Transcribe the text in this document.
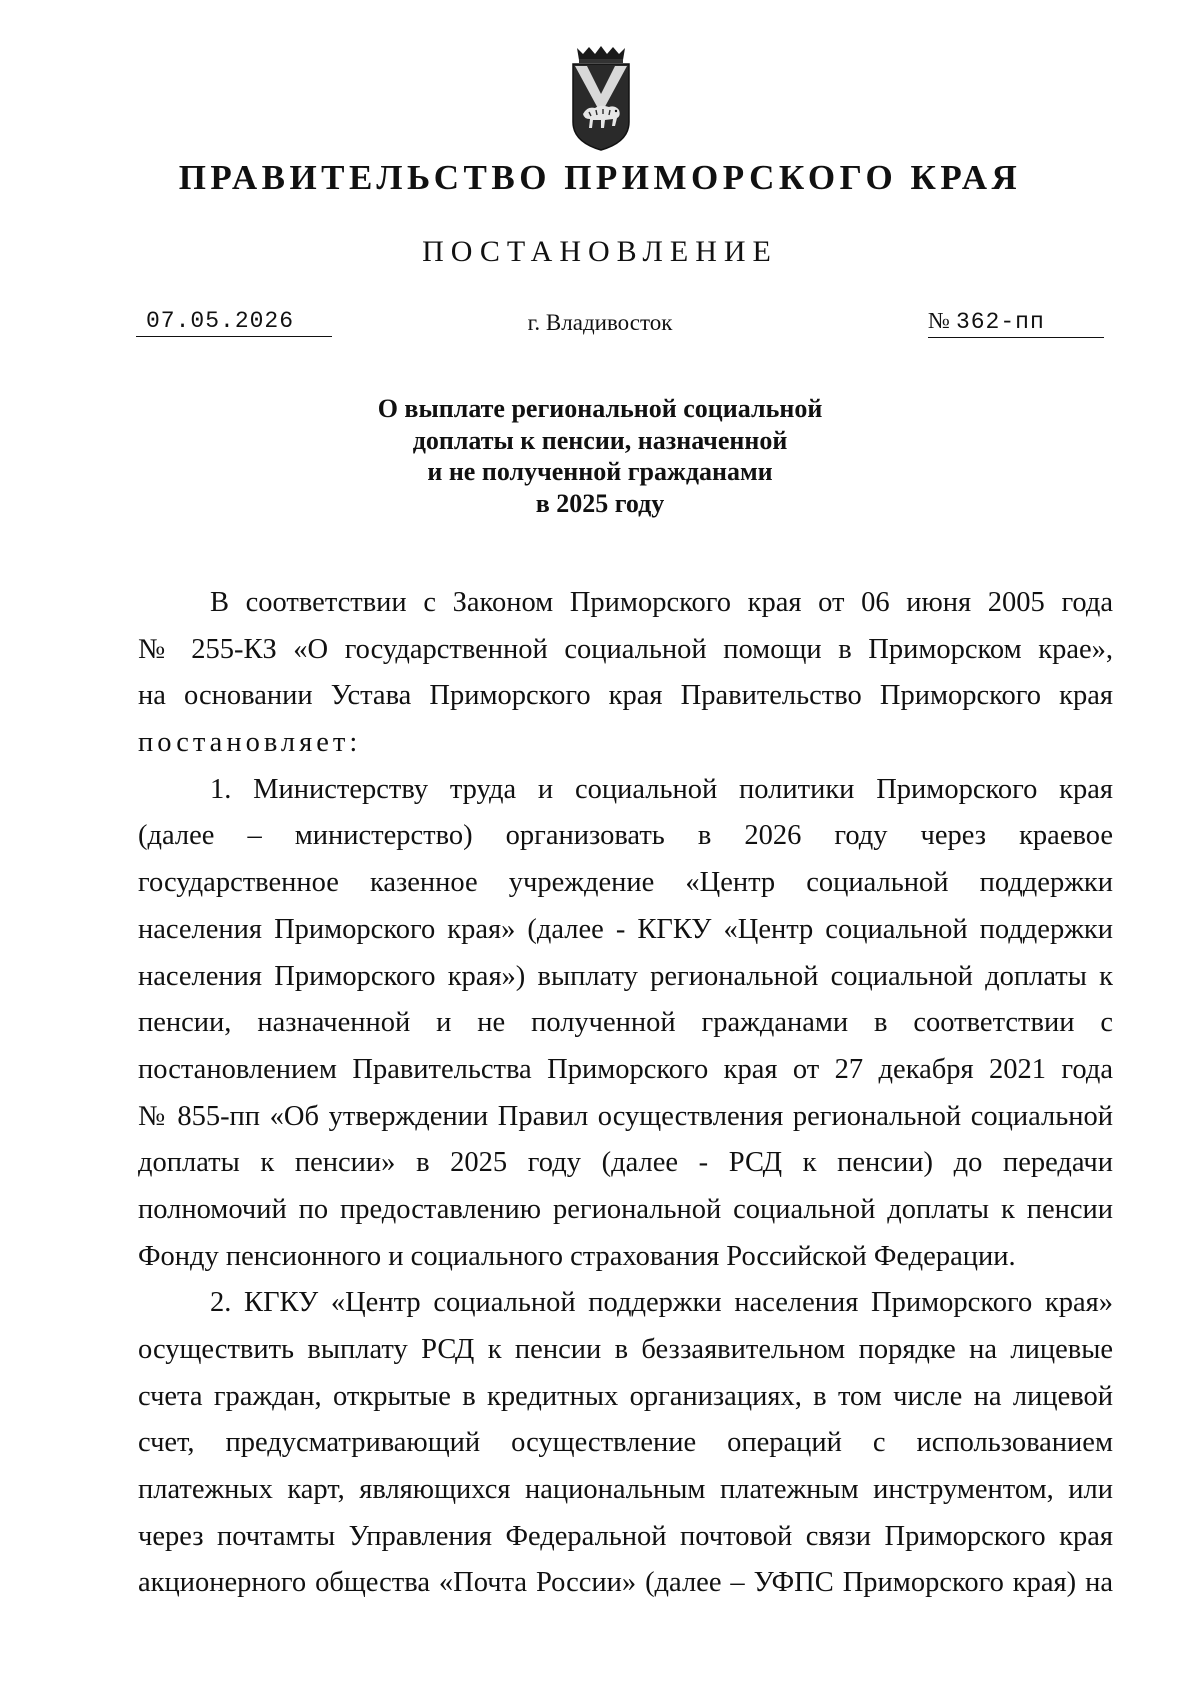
ПРАВИТЕЛЬСТВО ПРИМОРСКОГО КРАЯ
ПОСТАНОВЛЕНИЕ
07.05.2026	г. Владивосток	№ 362-пп
О выплате региональной социальной
доплаты к пенсии, назначенной
и не полученной гражданами
в 2025 году
В соответствии с Законом Приморского края от 06 июня 2005 года
№ 255-КЗ «О государственной социальной помощи в Приморском крае»,
на основании Устава Приморского края Правительство Приморского края
постановляет:
1. Министерству труда и социальной политики Приморского края
(далее – министерство) организовать в 2026 году через краевое
государственное казенное учреждение «Центр социальной поддержки
населения Приморского края» (далее - КГКУ «Центр социальной поддержки
населения Приморского края») выплату региональной социальной доплаты к
пенсии, назначенной и не полученной гражданами в соответствии с
постановлением Правительства Приморского края от 27 декабря 2021 года
№ 855-пп «Об утверждении Правил осуществления региональной социальной
доплаты к пенсии» в 2025 году (далее - РСД к пенсии) до передачи
полномочий по предоставлению региональной социальной доплаты к пенсии
Фонду пенсионного и социального страхования Российской Федерации.
2. КГКУ «Центр социальной поддержки населения Приморского края»
осуществить выплату РСД к пенсии в беззаявительном порядке на лицевые
счета граждан, открытые в кредитных организациях, в том числе на лицевой
счет, предусматривающий осуществление операций с использованием
платежных карт, являющихся национальным платежным инструментом, или
через почтамты Управления Федеральной почтовой связи Приморского края
акционерного общества «Почта России» (далее – УФПС Приморского края) на
